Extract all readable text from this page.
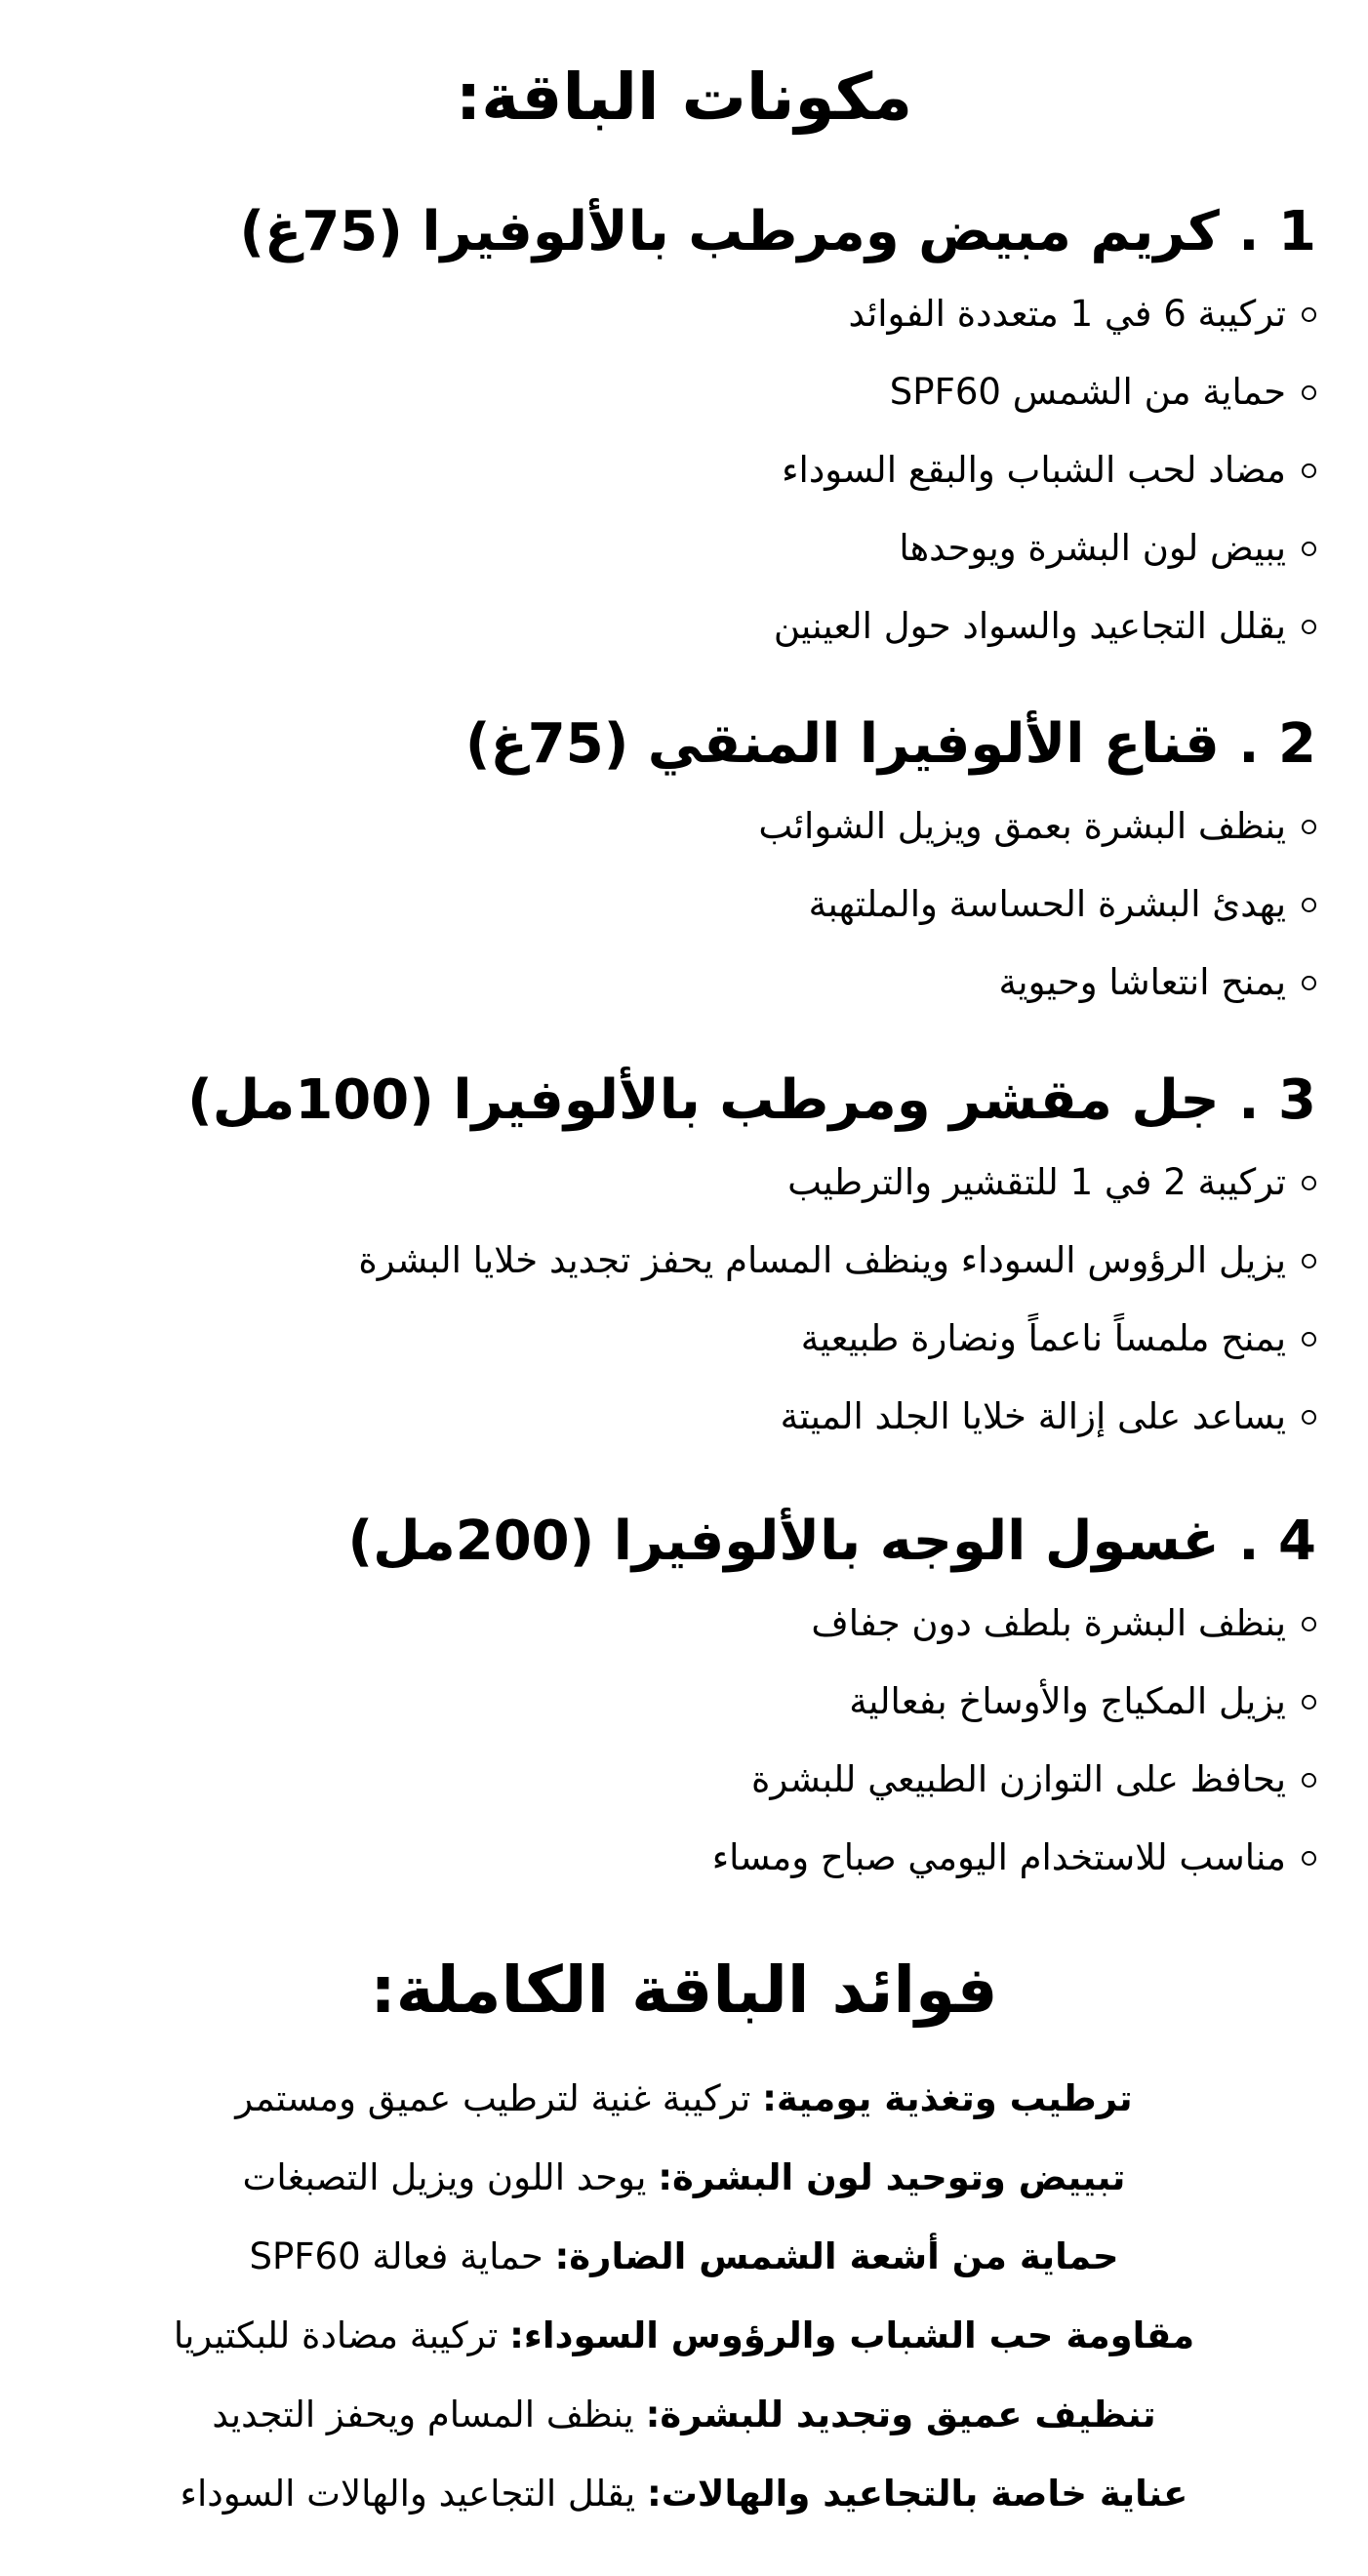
مكونات الباقة:
1 . كريم مبيض ومرطب بالألوفيرا (75غ)
تركيبة 6 في 1 متعددة الفوائد
حماية من الشمس SPF60
مضاد لحب الشباب والبقع السوداء
يبيض لون البشرة ويوحدها
يقلل التجاعيد والسواد حول العينين
2 . قناع الألوفيرا المنقي (75غ)
ينظف البشرة بعمق ويزيل الشوائب
يهدئ البشرة الحساسة والملتهبة
يمنح انتعاشا وحيوية
3 . جل مقشر ومرطب بالألوفيرا (100مل)
تركيبة 2 في 1 للتقشير والترطيب
يزيل الرؤوس السوداء وينظف المسام يحفز تجديد خلايا البشرة
يمنح ملمساً ناعماً ونضارة طبيعية
يساعد على إزالة خلايا الجلد الميتة
4 . غسول الوجه بالألوفيرا (200مل)
ينظف البشرة بلطف دون جفاف
يزيل المكياج والأوساخ بفعالية
يحافظ على التوازن الطبيعي للبشرة
مناسب للاستخدام اليومي صباح ومساء
فوائد الباقة الكاملة:
ترطيب وتغذية يومية: تركيبة غنية لترطيب عميق ومستمر
تبييض وتوحيد لون البشرة: يوحد اللون ويزيل التصبغات
حماية من أشعة الشمس الضارة: حماية فعالة SPF60
مقاومة حب الشباب والرؤوس السوداء: تركيبة مضادة للبكتيريا
تنظيف عميق وتجديد للبشرة: ينظف المسام ويحفز التجديد
عناية خاصة بالتجاعيد والهالات: يقلل التجاعيد والهالات السوداء
